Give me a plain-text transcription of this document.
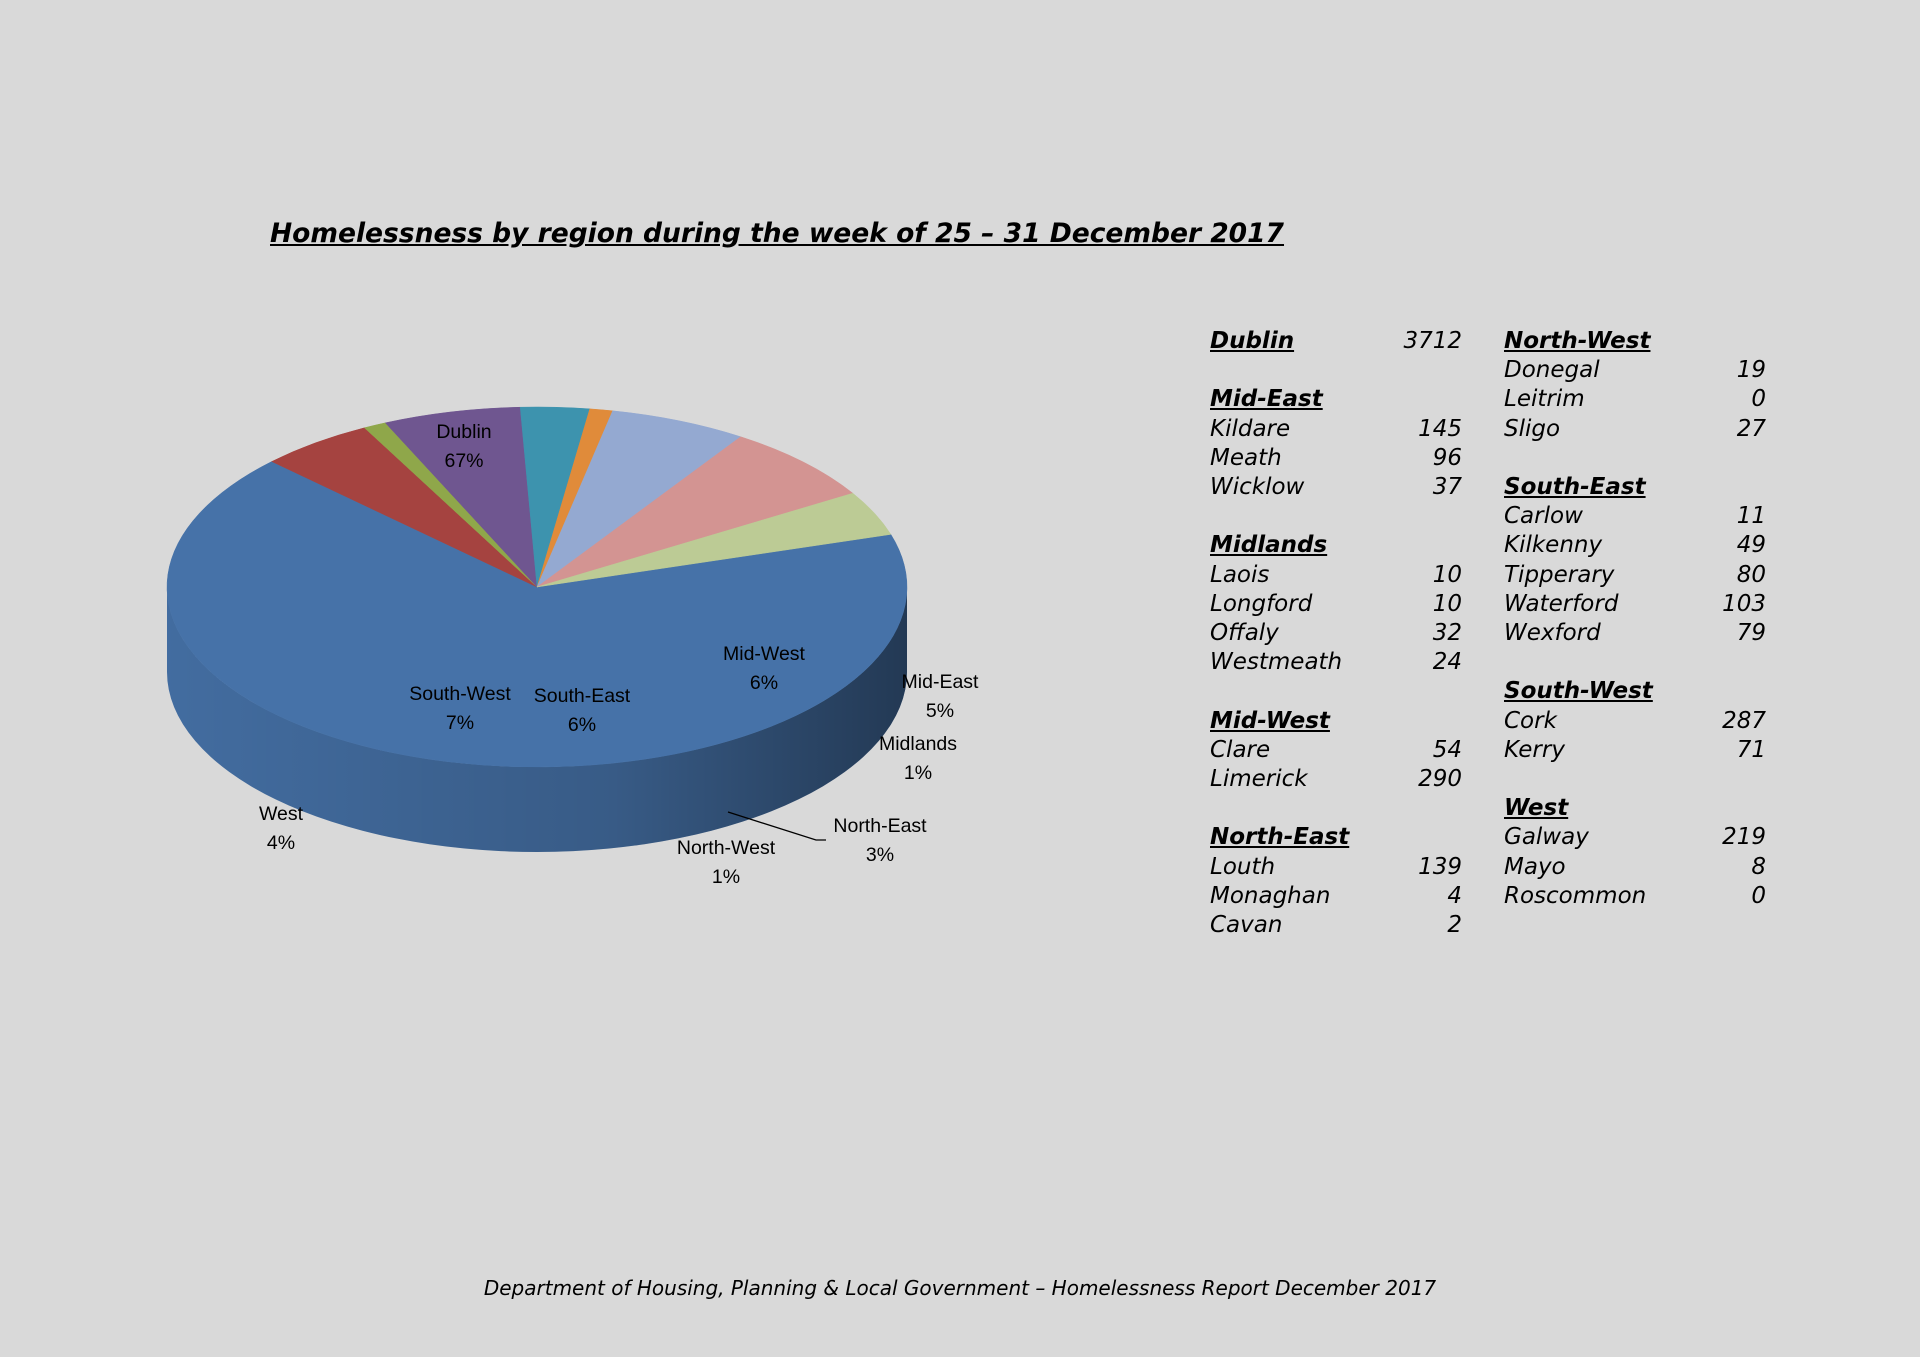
Homelessness by region during the week of 25 – 31 December 2017
Dublin 67%
Mid-East 5%
Midlands 1%
Mid-West 6%
North-East 3%
North-West 1%
South-East 6%
South-West 7%
West 4%
Dublin	3712
Mid-East
Kildare	145
Meath	96
Wicklow	37
Midlands
Laois	10
Longford	10
Offaly	32
Westmeath	24
Mid-West
Clare	54
Limerick	290
North-East
Louth	139
Monaghan	4
Cavan	2
North-West
Donegal	19
Leitrim	0
Sligo	27
South-East
Carlow	11
Kilkenny	49
Tipperary	80
Waterford	103
Wexford	79
South-West
Cork	287
Kerry	71
West
Galway	219
Mayo	8
Roscommon	0
Department of Housing, Planning & Local Government – Homelessness Report December 2017
